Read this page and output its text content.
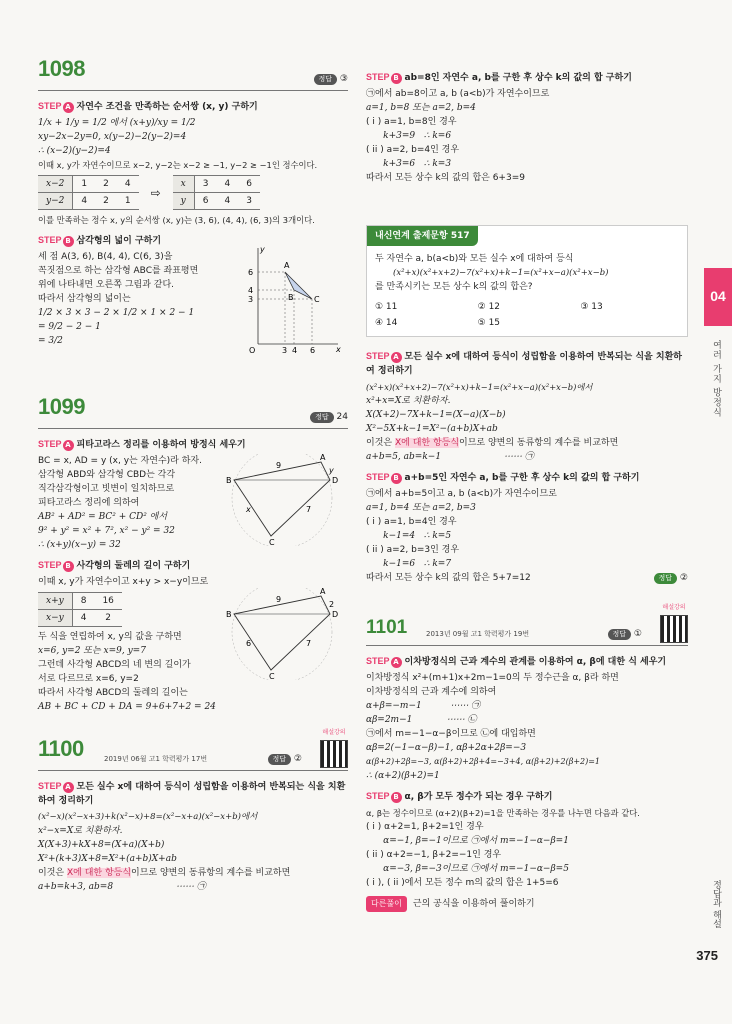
1098	정답 ③
STEP A 자연수 조건을 만족하는 순서쌍 (x, y) 구하기
1/x + 1/y = 1/2 에서 (x+y)/xy = 1/2
xy−2x−2y=0, x(y−2)−2(y−2)=4
∴ (x−2)(y−2)=4
이때 x, y가 자연수이므로 x−2, y−2는 x−2 ≥ −1, y−2 ≥ −1인 정수이다.
x−2	1	2	4
y−2	4	2	1
⇨
x	3	4	6
y	6	4	3
이를 만족하는 정수 x, y의 순서쌍 (x, y)는 (3, 6), (4, 4), (6, 3)의 3개이다.
STEP B 삼각형의 넓이 구하기
세 점 A(3, 6), B(4, 4), C(6, 3)을
꼭짓점으로 하는 삼각형 ABC를 좌표평면
위에 나타내면 오른쪽 그림과 같다.
따라서 삼각형의 넓이는
1/2 × 3 × 3 − 2 × 1/2 × 1 × 2 − 1
= 9/2 − 2 − 1
= 3/2
6
4
3
3 4 6
A
B	C
O	x
y
1099	정답 24
STEP A 피타고라스 정리를 이용하여 방정식 세우기
BC = x, AD = y (x, y는 자연수)라 하자.
삼각형 ABD와 삼각형 CBD는 각각
직각삼각형이고 빗변이 일치하므로
피타고라스 정리에 의하여
AB² + AD² = BC² + CD² 에서
9² + y² = x² + 7², x² − y² = 32
∴ (x+y)(x−y) = 32
B
A
C
D
9
7
x
y
STEP B 사각형의 둘레의 길이 구하기
이때 x, y가 자연수이고 x+y > x−y이므로
x+y	8	16
x−y	4	2
두 식을 연립하여 x, y의 값을 구하면
x=6, y=2 또는 x=9, y=7
그런데 사각형 ABCD의 네 변의 길이가
서로 다르므로 x=6, y=2
따라서 사각형 ABCD의 둘레의 길이는
AB + BC + CD + DA = 9+6+7+2 = 24
B
A
C
D
9
7
6
2
1100	2019년 06월 고1 학력평가 17번	정답 ②
해설강의

STEP A 모든 실수 x에 대하여 등식이 성립함을 이용하여 반복되는 식을 치환하여 정리하기
(x²−x)(x²−x+3)+k(x²−x)+8=(x²−x+a)(x²−x+b)에서
x²−x=X로 치환하자.
X(X+3)+kX+8=(X+a)(X+b)
X²+(k+3)X+8=X²+(a+b)X+ab
이것은 X에 대한 항등식이므로 양변의 동류항의 계수를 비교하면
a+b=k+3, ab=8	⋯⋯ ㉠
STEP B ab=8인 자연수 a, b를 구한 후 상수 k의 값의 합 구하기
㉠에서 ab=8이고 a, b (a<b)가 자연수이므로
a=1, b=8 또는 a=2, b=4
( i ) a=1, b=8인 경우
k+3=9   ∴ k=6
( ii ) a=2, b=4인 경우
k+3=6   ∴ k=3
따라서 모든 상수 k의 값의 합은 6+3=9
내신연계 출제문항 517
두 자연수 a, b(a<b)와 모든 실수 x에 대하여 등식
(x²+x)(x²+x+2)−7(x²+x)+k−1=(x²+x−a)(x²+x−b)
를 만족시키는 모든 상수 k의 값의 합은?
① 11	② 12	③ 13
④ 14	⑤ 15
STEP A 모든 실수 x에 대하여 등식이 성립함을 이용하여 반복되는 식을 치환하여 정리하기
(x²+x)(x²+x+2)−7(x²+x)+k−1=(x²+x−a)(x²+x−b)에서
x²+x=X로 치환하자.
X(X+2)−7X+k−1=(X−a)(X−b)
X²−5X+k−1=X²−(a+b)X+ab
이것은 X에 대한 항등식이므로 양변의 동류항의 계수를 비교하면
a+b=5, ab=k−1	⋯⋯ ㉠
STEP B a+b=5인 자연수 a, b를 구한 후 상수 k의 값의 합 구하기
㉠에서 a+b=5이고 a, b (a<b)가 자연수이므로
a=1, b=4 또는 a=2, b=3
( i ) a=1, b=4인 경우
k−1=4   ∴ k=5
( ii ) a=2, b=3인 경우
k−1=6   ∴ k=7
따라서 모든 상수 k의 값의 합은 5+7=12	정답 ②
1101	2013년 09월 고1 학력평가 19번	정답 ①
해설강의

STEP A 이차방정식의 근과 계수의 관계를 이용하여 α, β에 대한 식 세우기
이차방정식 x²+(m+1)x+2m−1=0의 두 정수근을 α, β라 하면
이차방정식의 근과 계수에 의하여
α+β=−m−1          ⋯⋯ ㉠
αβ=2m−1            ⋯⋯ ㉡
㉠에서 m=−1−α−β이므로 ㉡에 대입하면
αβ=2(−1−α−β)−1, αβ+2α+2β=−3
α(β+2)+2β=−3, α(β+2)+2β+4=−3+4, α(β+2)+2(β+2)=1
∴ (α+2)(β+2)=1
STEP B α, β가 모두 정수가 되는 경우 구하기
α, β는 정수이므로 (α+2)(β+2)=1을 만족하는 경우를 나누면 다음과 같다.
( i ) α+2=1, β+2=1인 경우
α=−1, β=−1이므로 ㉠에서 m=−1−α−β=1
( ii ) α+2=−1, β+2=−1인 경우
α=−3, β=−3이므로 ㉠에서 m=−1−α−β=5
( i ), ( ii )에서 모든 정수 m의 값의 합은 1+5=6
다른풀이 근의 공식을 이용하여 풀이하기
04
여러 가지 방정식
정답과 해설
375
